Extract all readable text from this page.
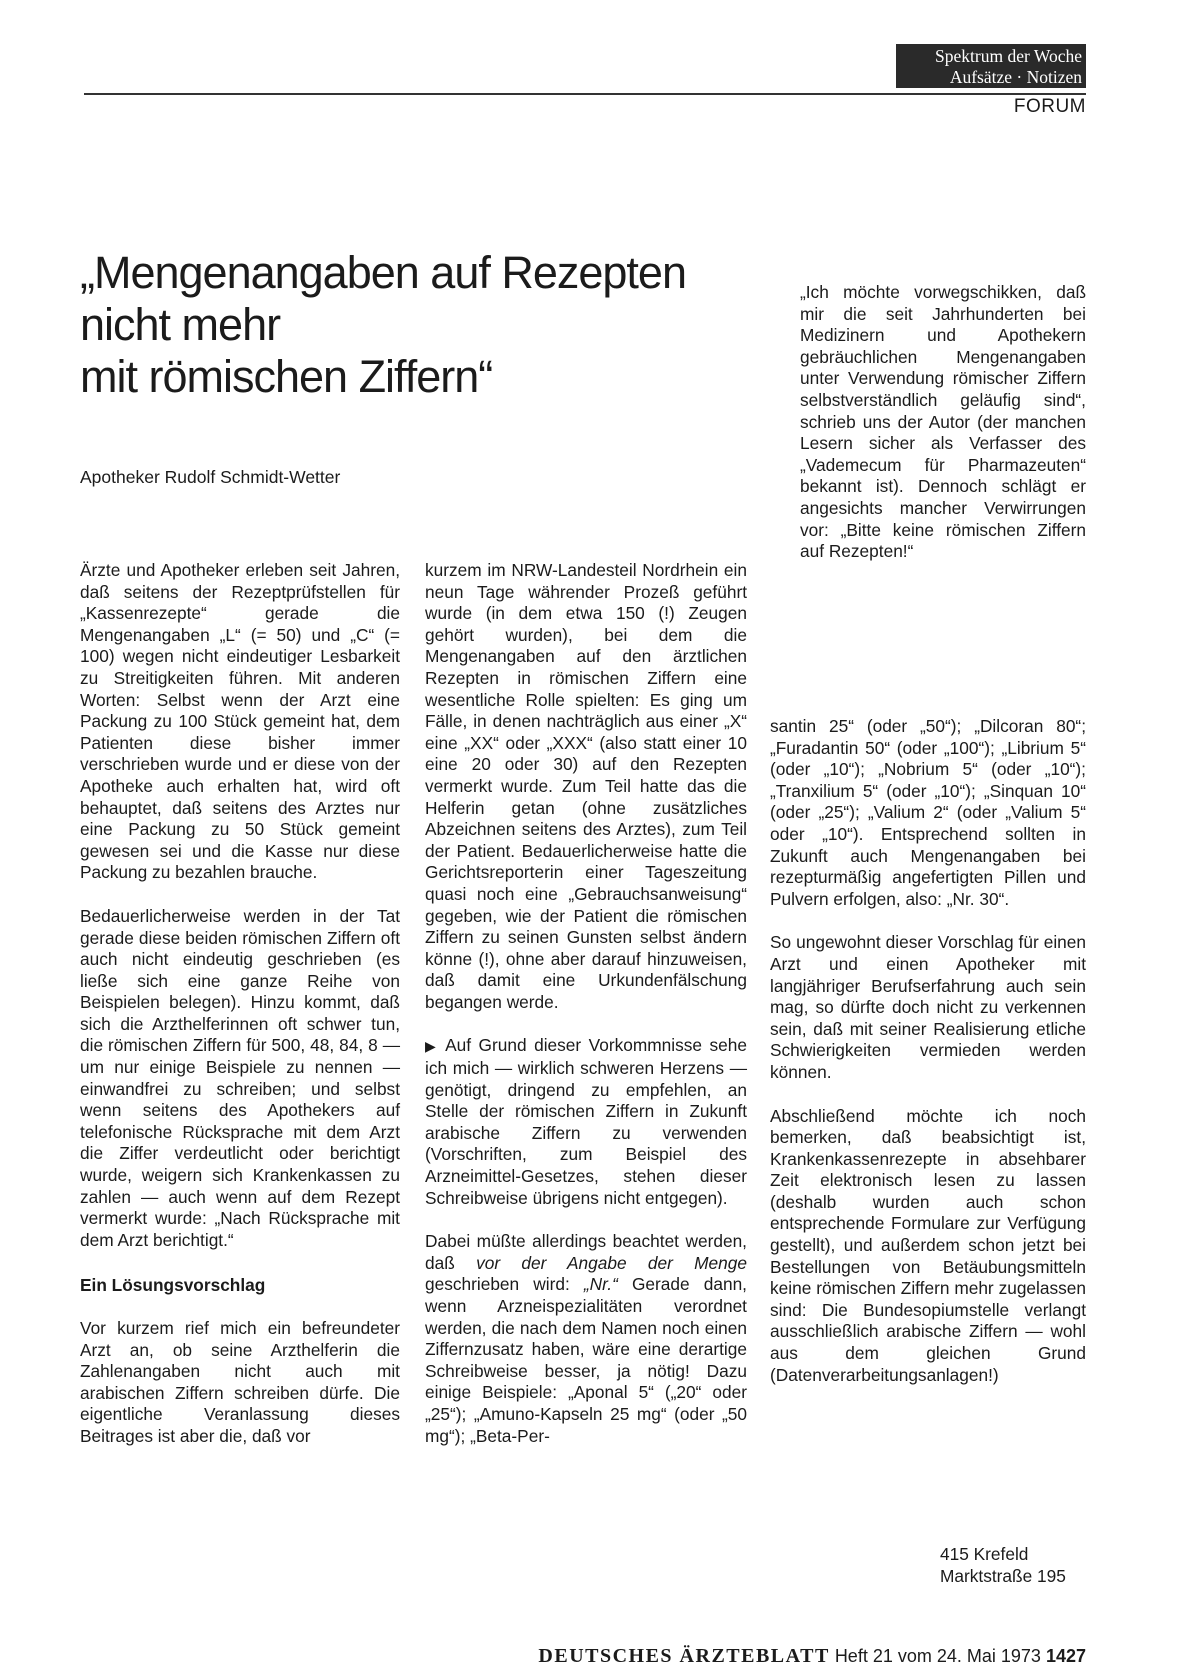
Spektrum der Woche
Aufsätze · Notizen
FORUM
„Mengenangaben auf Rezepten
nicht mehr
mit römischen Ziffern“
Apotheker Rudolf Schmidt-Wetter

Ärzte und Apotheker erleben seit Jahren, daß seitens der Rezeptprüfstellen für „Kassenrezepte“ gerade die Mengenangaben „L“ (= 50) und „C“ (= 100) wegen nicht eindeutiger Lesbarkeit zu Streitigkeiten führen. Mit anderen Worten: Selbst wenn der Arzt eine Packung zu 100 Stück gemeint hat, dem Patienten diese bisher immer verschrieben wurde und er diese von der Apotheke auch erhalten hat, wird oft behauptet, daß seitens des Arztes nur eine Packung zu 50 Stück gemeint gewesen sei und die Kasse nur diese Packung zu bezahlen brauche.

Bedauerlicherweise werden in der Tat gerade diese beiden römischen Ziffern oft auch nicht eindeutig geschrieben (es ließe sich eine ganze Reihe von Beispielen belegen). Hinzu kommt, daß sich die Arzthelferinnen oft schwer tun, die römischen Ziffern für 500, 48, 84, 8 — um nur einige Beispiele zu nennen — einwandfrei zu schreiben; und selbst wenn seitens des Apothekers auf telefonische Rücksprache mit dem Arzt die Ziffer verdeutlicht oder berichtigt wurde, weigern sich Krankenkassen zu zahlen — auch wenn auf dem Rezept vermerkt wurde: „Nach Rücksprache mit dem Arzt berichtigt.“

Ein Lösungsvorschlag

Vor kurzem rief mich ein befreundeter Arzt an, ob seine Arzthelferin die Zahlenangaben nicht auch mit arabischen Ziffern schreiben dürfe. Die eigentliche Veranlassung dieses Beitrages ist aber die, daß vor

kurzem im NRW-Landesteil Nordrhein ein neun Tage währender Prozeß geführt wurde (in dem etwa 150 (!) Zeugen gehört wurden), bei dem die Mengenangaben auf den ärztlichen Rezepten in römischen Ziffern eine wesentliche Rolle spielten: Es ging um Fälle, in denen nachträglich aus einer „X“ eine „XX“ oder „XXX“ (also statt einer 10 eine 20 oder 30) auf den Rezepten vermerkt wurde. Zum Teil hatte das die Helferin getan (ohne zusätzliches Abzeichnen seitens des Arztes), zum Teil der Patient. Bedauerlicherweise hatte die Gerichtsreporterin einer Tageszeitung quasi noch eine „Gebrauchsanweisung“ gegeben, wie der Patient die römischen Ziffern zu seinen Gunsten selbst ändern könne (!), ohne aber darauf hinzuweisen, daß damit eine Urkundenfälschung begangen werde.

▶ Auf Grund dieser Vorkommnisse sehe ich mich — wirklich schweren Herzens — genötigt, dringend zu empfehlen, an Stelle der römischen Ziffern in Zukunft arabische Ziffern zu verwenden (Vorschriften, zum Beispiel des Arzneimittel-Gesetzes, stehen dieser Schreibweise übrigens nicht entgegen).

Dabei müßte allerdings beachtet werden, daß vor der Angabe der Menge geschrieben wird: „Nr.“ Gerade dann, wenn Arzneispezialitäten verordnet werden, die nach dem Namen noch einen Ziffernzusatz haben, wäre eine derartige Schreibweise besser, ja nötig! Dazu einige Beispiele: „Aponal 5“ („20“ oder „25“); „Amuno-Kapseln 25 mg“ (oder „50 mg“); „Beta-Per-

„Ich möchte vorwegschikken, daß mir die seit Jahrhunderten bei Medizinern und Apothekern gebräuchlichen Mengenangaben unter Verwendung römischer Ziffern selbstverständlich geläufig sind“, schrieb uns der Autor (der manchen Lesern sicher als Verfasser des „Vademecum für Pharmazeuten“ bekannt ist). Dennoch schlägt er angesichts mancher Verwirrungen vor: „Bitte keine römischen Ziffern auf Rezepten!“

santin 25“ (oder „50“); „Dilcoran 80“; „Furadantin 50“ (oder „100“); „Librium 5“ (oder „10“); „Nobrium 5“ (oder „10“); „Tranxilium 5“ (oder „10“); „Sinquan 10“ (oder „25“); „Valium 2“ (oder „Valium 5“ oder „10“). Entsprechend sollten in Zukunft auch Mengenangaben bei rezepturmäßig angefertigten Pillen und Pulvern erfolgen, also: „Nr. 30“.

So ungewohnt dieser Vorschlag für einen Arzt und einen Apotheker mit langjähriger Berufserfahrung auch sein mag, so dürfte doch nicht zu verkennen sein, daß mit seiner Realisierung etliche Schwierigkeiten vermieden werden können.

Abschließend möchte ich noch bemerken, daß beabsichtigt ist, Krankenkassenrezepte in absehbarer Zeit elektronisch lesen zu lassen (deshalb wurden auch schon entsprechende Formulare zur Verfügung gestellt), und außerdem schon jetzt bei Bestellungen von Betäubungsmitteln keine römischen Ziffern mehr zugelassen sind: Die Bundesopiumstelle verlangt ausschließlich arabische Ziffern — wohl aus dem gleichen Grund (Datenverarbeitungsanlagen!)

415 Krefeld
Marktstraße 195
DEUTSCHES ÄRZTEBLATT Heft 21 vom 24. Mai 1973 1427
